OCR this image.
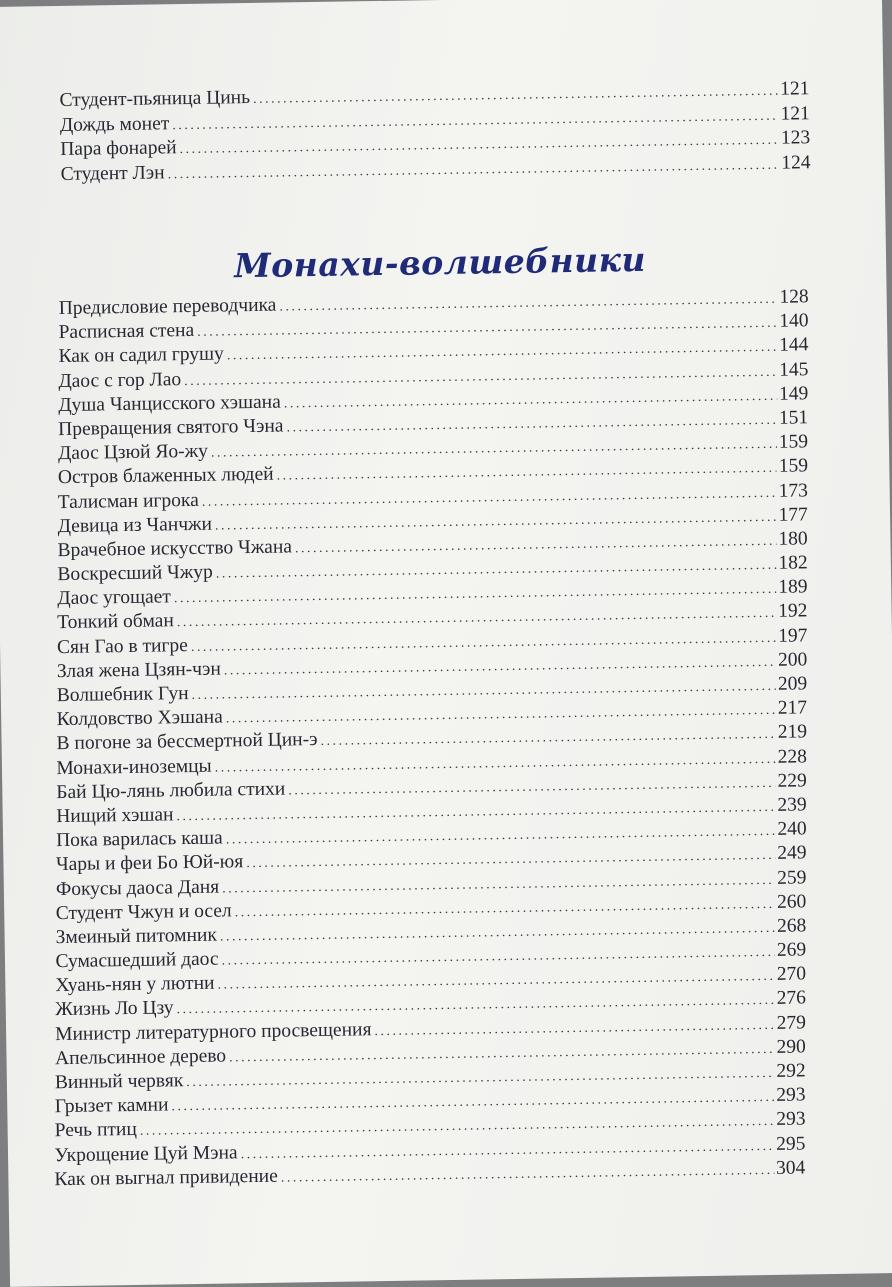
Студент-пьяница Цинь .....	121
Дождь монет .....	121
Пара фонарей .....	123
Студент Лэн .....	124
Монахи-волшебники
Предисловие переводчика .....	128
Расписная стена .....	140
Как он садил грушу .....	144
Даос с гор Лао .....	145
Душа Чанцисского хэшана .....	149
Превращения святого Чэна .....	151
Даос Цзюй Яо-жу .....	159
Остров блаженных людей .....	159
Талисман игрока .....	173
Девица из Чанчжи .....	177
Врачебное искусство Чжана .....	180
Воскресший Чжур .....	182
Даос угощает .....	189
Тонкий обман .....	192
Сян Гао в тигре .....	197
Злая жена Цзян-чэн .....	200
Волшебник Гун .....	209
Колдовство Хэшана .....	217
В погоне за бессмертной Цин-э .....	219
Монахи-иноземцы .....	228
Бай Цю-лянь любила стихи .....	229
Нищий хэшан .....	239
Пока варилась каша .....	240
Чары и феи Бо Юй-юя .....	249
Фокусы даоса Даня .....	259
Студент Чжун и осел .....	260
Змеиный питомник .....	268
Сумасшедший даос .....	269
Хуань-нян у лютни .....	270
Жизнь Ло Цзу .....	276
Министр литературного просвещения .....	279
Апельсинное дерево .....	290
Винный червяк .....	292
Грызет камни .....	293
Речь птиц .....	293
Укрощение Цуй Мэна .....	295
Как он выгнал привидение .....	304
